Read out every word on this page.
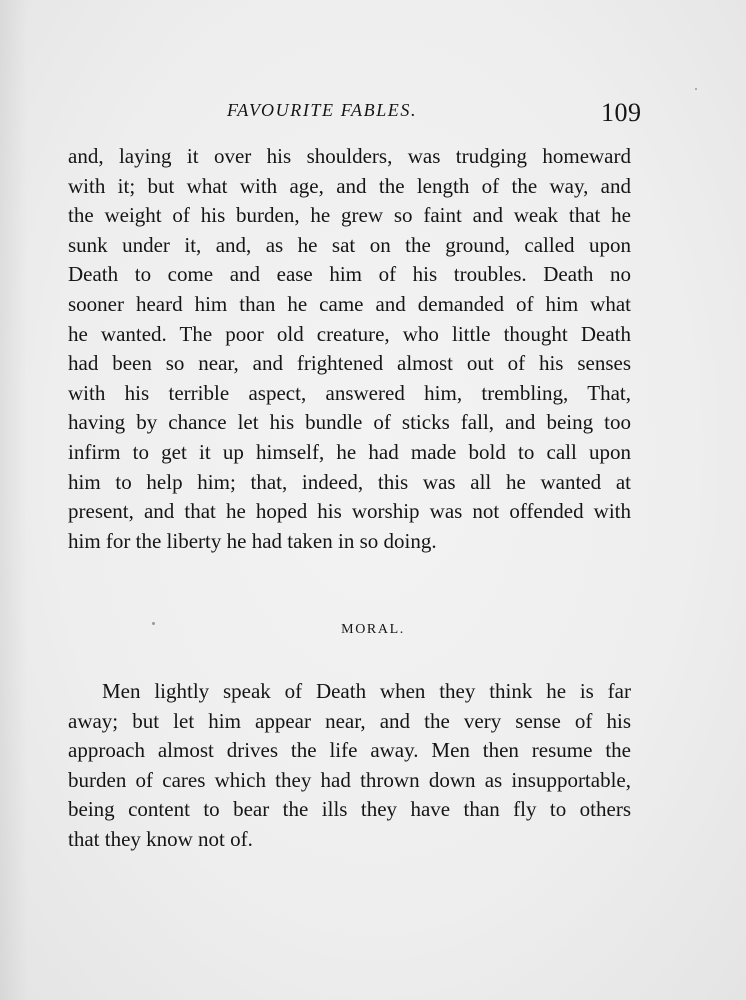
FAVOURITE FABLES.	109

and, laying it over his shoulders, was trudging homeward
with it; but what with age, and the length of the way, and
the weight of his burden, he grew so faint and weak that he
sunk under it, and, as he sat on the ground, called upon
Death to come and ease him of his troubles. Death no
sooner heard him than he came and demanded of him what
he wanted. The poor old creature, who little thought Death
had been so near, and frightened almost out of his senses
with his terrible aspect, answered him, trembling, That,
having by chance let his bundle of sticks fall, and being too
infirm to get it up himself, he had made bold to call upon
him to help him; that, indeed, this was all he wanted at
present, and that he hoped his worship was not offended with
him for the liberty he had taken in so doing.

MORAL.

Men lightly speak of Death when they think he is far
away; but let him appear near, and the very sense of his
approach almost drives the life away. Men then resume the
burden of cares which they had thrown down as insupportable,
being content to bear the ills they have than fly to others
that they know not of.
